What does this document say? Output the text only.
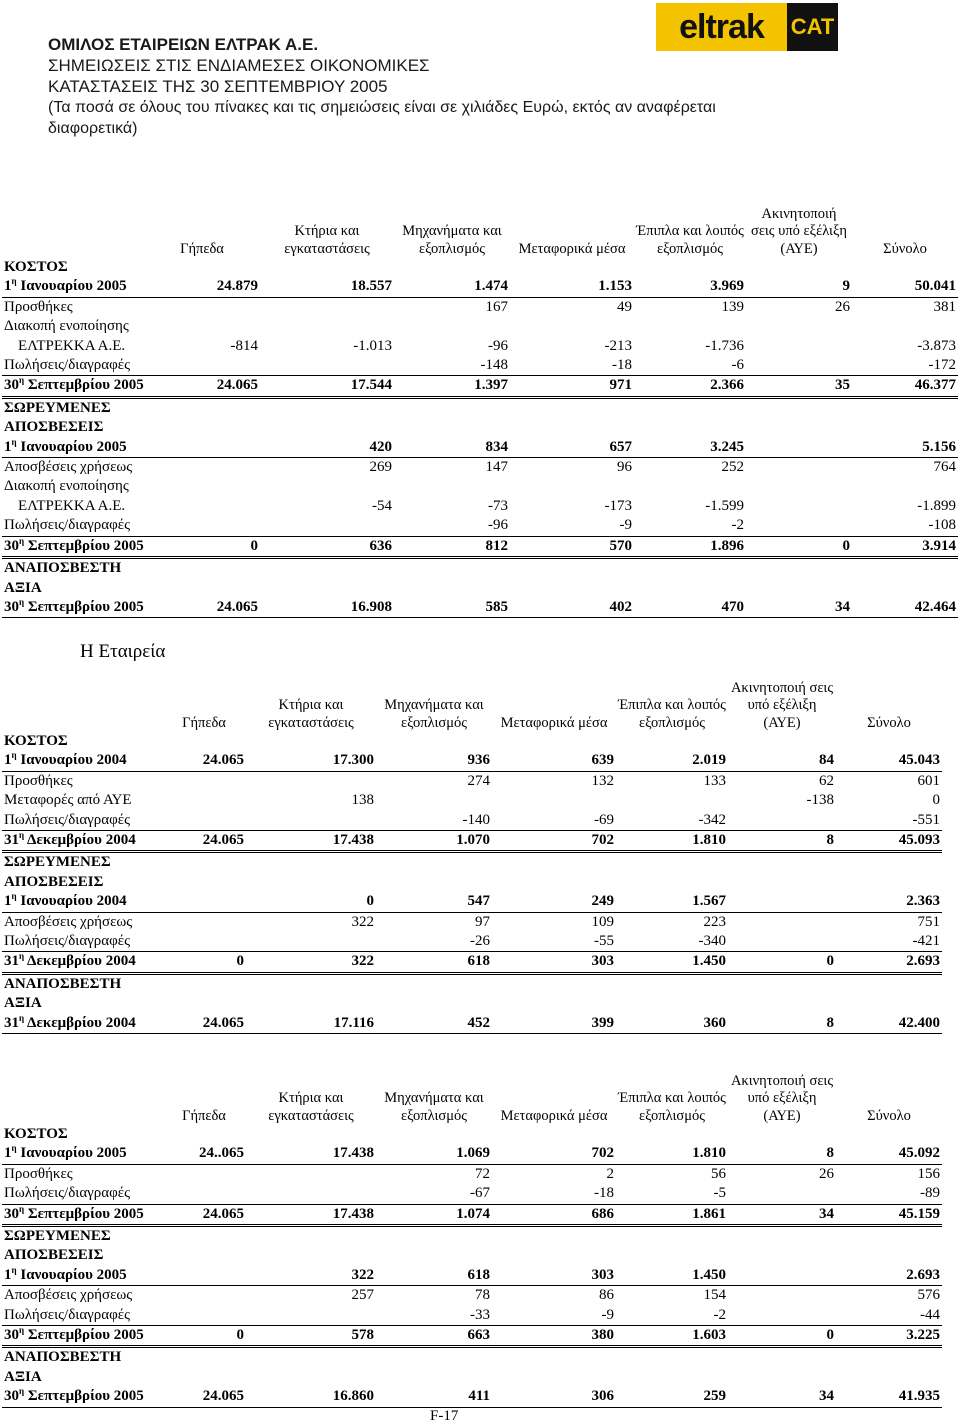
ΟΜΙΛΟΣ ΕΤΑΙΡΕΙΩΝ ΕΛΤΡΑΚ Α.Ε.
ΣΗΜΕΙΩΣΕΙΣ ΣΤΙΣ ΕΝΔΙΑΜΕΣΕΣ ΟΙΚΟΝΟΜΙΚΕΣ
ΚΑΤΑΣΤΑΣΕΙΣ ΤΗΣ 30 ΣΕΠΤΕΜΒΡΙΟΥ 2005
(Τα ποσά σε όλους του πίνακες και τις σημειώσεις είναι σε χιλιάδες Ευρώ, εκτός αν αναφέρεται
διαφορετικά)
eltrak	CAT
	Γήπεδα	Κτήρια και εγκαταστάσεις	Μηχανήματα και εξοπλισμός	Μεταφορικά μέσα	Έπιπλα και λοιπός εξοπλισμός	Ακινητοποιή σεις υπό εξέλιξη (ΑΥΕ)	Σύνολο
ΚΟΣΤΟΣ							
$1^\eta$ Ιανουαρίου 2005	24.879	18.557	1.474	1.153	3.969	9	50.041
Προσθήκες			167	49	139	26	381
Διακοπή ενοποίησης							
ΕΛΤΡΕΚΚΑ Α.Ε.	-814	-1.013	-96	-213	-1.736		-3.873
Πωλήσεις/διαγραφές			-148	-18	-6		-172
$30^\eta$ Σεπτεμβρίου 2005	24.065	17.544	1.397	971	2.366	35	46.377
ΣΩΡΕΥΜΕΝΕΣ							
ΑΠΟΣΒΕΣΕΙΣ							
$1^\eta$ Ιανουαρίου 2005		420	834	657	3.245		5.156
Αποσβέσεις χρήσεως		269	147	96	252		764
Διακοπή ενοποίησης							
ΕΛΤΡΕΚΚΑ Α.Ε.		-54	-73	-173	-1.599		-1.899
Πωλήσεις/διαγραφές			-96	-9	-2		-108
$30^\eta$ Σεπτεμβρίου 2005	0	636	812	570	1.896	0	3.914
ΑΝΑΠΟΣΒΕΣΤΗ							
ΑΞΙΑ							
$30^\eta$ Σεπτεμβρίου 2005	24.065	16.908	585	402	470	34	42.464
Η Εταιρεία
	Γήπεδα	Κτήρια και εγκαταστάσεις	Μηχανήματα και εξοπλισμός	Μεταφορικά μέσα	Έπιπλα και λοιπός εξοπλισμός	Ακινητοποιή σεις υπό εξέλιξη (ΑΥΕ)	Σύνολο
ΚΟΣΤΟΣ							
$1^\eta$ Ιανουαρίου 2004	24.065	17.300	936	639	2.019	84	45.043
Προσθήκες			274	132	133	62	601
Μεταφορές από ΑΥΕ		138				-138	0
Πωλήσεις/διαγραφές			-140	-69	-342		-551
$31^\eta$ Δεκεμβρίου 2004	24.065	17.438	1.070	702	1.810	8	45.093
ΣΩΡΕΥΜΕΝΕΣ							
ΑΠΟΣΒΕΣΕΙΣ							
$1^\eta$ Ιανουαρίου 2004		0	547	249	1.567		2.363
Αποσβέσεις χρήσεως		322	97	109	223		751
Πωλήσεις/διαγραφές			-26	-55	-340		-421
$31^\eta$ Δεκεμβρίου 2004	0	322	618	303	1.450	0	2.693
ΑΝΑΠΟΣΒΕΣΤΗ							
ΑΞΙΑ							
$31^\eta$ Δεκεμβρίου 2004	24.065	17.116	452	399	360	8	42.400
	Γήπεδα	Κτήρια και εγκαταστάσεις	Μηχανήματα και εξοπλισμός	Μεταφορικά μέσα	Έπιπλα και λοιπός εξοπλισμός	Ακινητοποιή σεις υπό εξέλιξη (ΑΥΕ)	Σύνολο
ΚΟΣΤΟΣ							
$1^\eta$ Ιανουαρίου 2005	24..065	17.438	1.069	702	1.810	8	45.092
Προσθήκες			72	2	56	26	156
Πωλήσεις/διαγραφές			-67	-18	-5		-89
$30^\eta$ Σεπτεμβρίου 2005	24.065	17.438	1.074	686	1.861	34	45.159
ΣΩΡΕΥΜΕΝΕΣ							
ΑΠΟΣΒΕΣΕΙΣ							
$1^\eta$ Ιανουαρίου 2005		322	618	303	1.450		2.693
Αποσβέσεις χρήσεως		257	78	86	154		576
Πωλήσεις/διαγραφές			-33	-9	-2		-44
$30^\eta$ Σεπτεμβρίου 2005	0	578	663	380	1.603	0	3.225
ΑΝΑΠΟΣΒΕΣΤΗ							
ΑΞΙΑ							
$30^\eta$ Σεπτεμβρίου 2005	24.065	16.860	411	306	259	34	41.935
F-17
